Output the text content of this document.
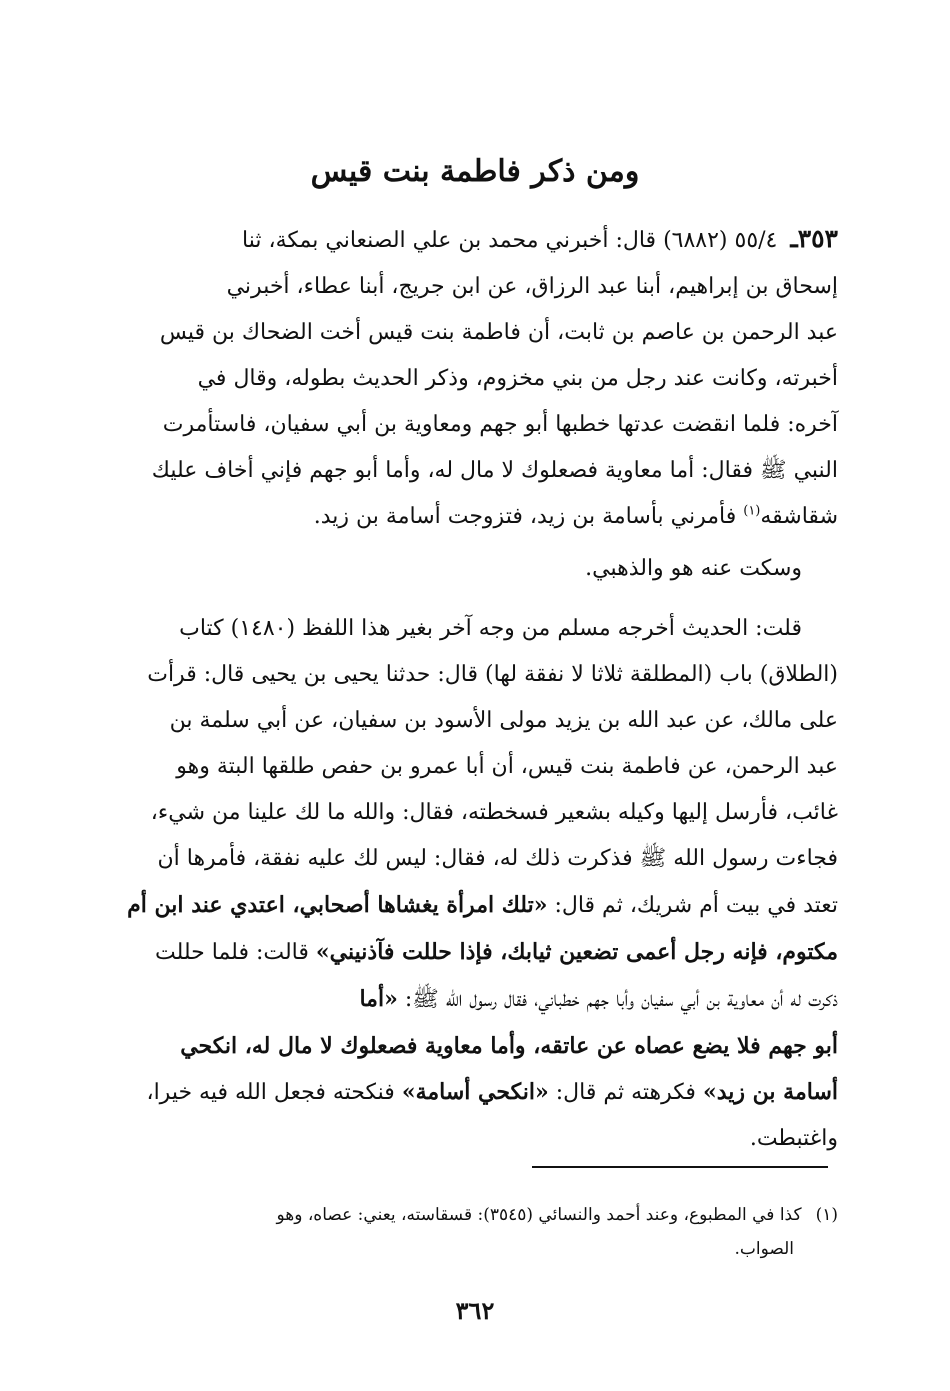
ومن ذكر فاطمة بنت قيس
٣٥٣ـ ٥٥/٤ (٦٨٨٢) قال: أخبرني محمد بن علي الصنعاني بمكة، ثنا
إسحاق بن إبراهيم، أبنا عبد الرزاق، عن ابن جريج، أبنا عطاء، أخبرني
عبد الرحمن بن عاصم بن ثابت، أن فاطمة بنت قيس أخت الضحاك بن قيس
أخبرته، وكانت عند رجل من بني مخزوم، وذكر الحديث بطوله، وقال في
آخره: فلما انقضت عدتها خطبها أبو جهم ومعاوية بن أبي سفيان، فاستأمرت
النبي ﷺ فقال: أما معاوية فصعلوك لا مال له، وأما أبو جهم فإني أخاف عليك
شقاشقه$^{(١)}$ فأمرني بأسامة بن زيد، فتزوجت أسامة بن زيد.
وسكت عنه هو والذهبي.
قلت: الحديث أخرجه مسلم من وجه آخر بغير هذا اللفظ (١٤٨٠) كتاب
(الطلاق) باب (المطلقة ثلاثا لا نفقة لها) قال: حدثنا يحيى بن يحيى قال: قرأت
على مالك، عن عبد الله بن يزيد مولى الأسود بن سفيان، عن أبي سلمة بن
عبد الرحمن، عن فاطمة بنت قيس، أن أبا عمرو بن حفص طلقها البتة وهو
غائب، فأرسل إليها وكيله بشعير فسخطته، فقال: والله ما لك علينا من شيء،
فجاءت رسول الله ﷺ فذكرت ذلك له، فقال: ليس لك عليه نفقة، فأمرها أن
تعتد في بيت أم شريك، ثم قال: «تلك امرأة يغشاها أصحابي، اعتدي عند ابن أم
مكتوم، فإنه رجل أعمى تضعين ثيابك، فإذا حللت فآذنيني» قالت: فلما حللت
ذكرت له أن معاوية بن أبي سفيان وأبا جهم خطباني، فقال رسول الله ﷺ: «أما
أبو جهم فلا يضع عصاه عن عاتقه، وأما معاوية فصعلوك لا مال له، انكحي
أسامة بن زيد» فكرهته ثم قال: «انكحي أسامة» فنكحته فجعل الله فيه خيرا،
واغتبطت.
(١)كذا في المطبوع، وعند أحمد والنسائي (٣٥٤٥): قسقاسته، يعني: عصاه، وهو
الصواب.
٣٦٢
